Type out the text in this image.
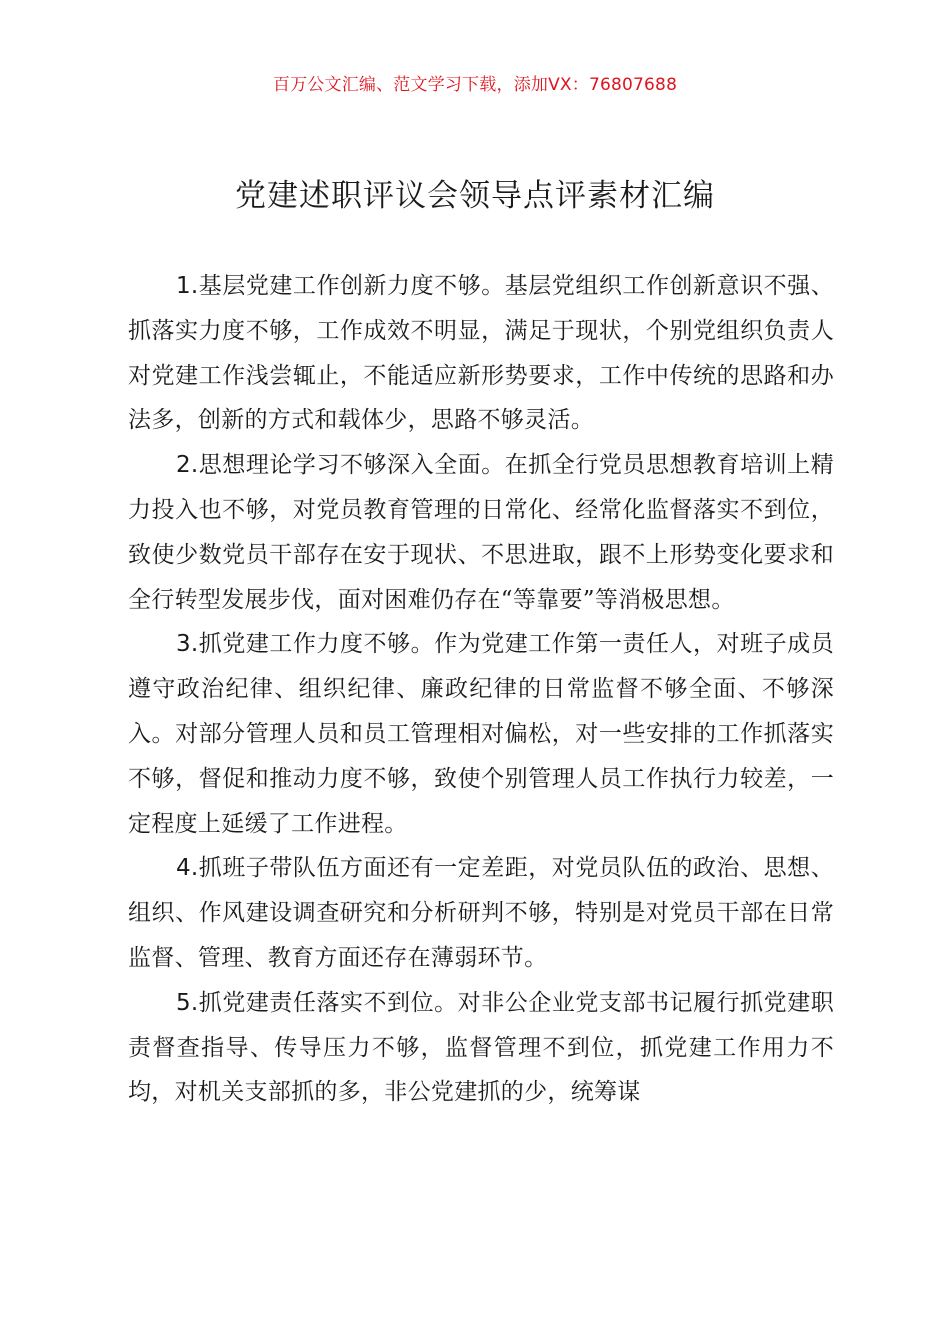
百万公文汇编、范文学习下载，添加VX：76807688
党建述职评议会领导点评素材汇编

1.基层党建工作创新力度不够。基层党组织工作创新意识不强、抓落实力度不够，工作成效不明显，满足于现状，个别党组织负责人对党建工作浅尝辄止，不能适应新形势要求，工作中传统的思路和办法多，创新的方式和载体少，思路不够灵活。

2.思想理论学习不够深入全面。在抓全行党员思想教育培训上精力投入也不够，对党员教育管理的日常化、经常化监督落实不到位，致使少数党员干部存在安于现状、不思进取，跟不上形势变化要求和全行转型发展步伐，面对困难仍存在“等靠要”等消极思想。

3.抓党建工作力度不够。作为党建工作第一责任人，对班子成员遵守政治纪律、组织纪律、廉政纪律的日常监督不够全面、不够深入。对部分管理人员和员工管理相对偏松，对一些安排的工作抓落实不够，督促和推动力度不够，致使个别管理人员工作执行力较差，一定程度上延缓了工作进程。

4.抓班子带队伍方面还有一定差距，对党员队伍的政治、思想、组织、作风建设调查研究和分析研判不够，特别是对党员干部在日常监督、管理、教育方面还存在薄弱环节。

5.抓党建责任落实不到位。对非公企业党支部书记履行抓党建职责督查指导、传导压力不够，监督管理不到位，抓党建工作用力不均，对机关支部抓的多，非公党建抓的少，统筹谋
